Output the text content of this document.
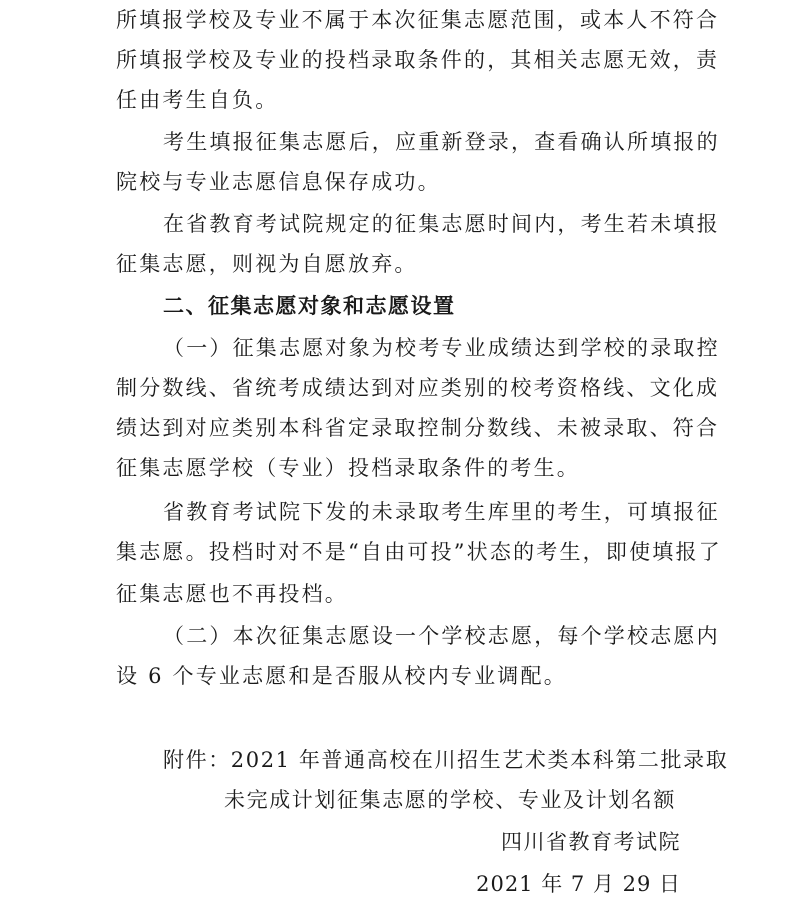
所填报学校及专业不属于本次征集志愿范围，或本人不符合
所填报学校及专业的投档录取条件的，其相关志愿无效，责
任由考生自负。
考生填报征集志愿后，应重新登录，查看确认所填报的
院校与专业志愿信息保存成功。
在省教育考试院规定的征集志愿时间内，考生若未填报
征集志愿，则视为自愿放弃。
二、征集志愿对象和志愿设置
（一）征集志愿对象为校考专业成绩达到学校的录取控
制分数线、省统考成绩达到对应类别的校考资格线、文化成
绩达到对应类别本科省定录取控制分数线、未被录取、符合
征集志愿学校（专业）投档录取条件的考生。
省教育考试院下发的未录取考生库里的考生，可填报征
集志愿。投档时对不是“自由可投”状态的考生，即使填报了
征集志愿也不再投档。
（二）本次征集志愿设一个学校志愿，每个学校志愿内
设 6 个专业志愿和是否服从校内专业调配。
附件：2021 年普通高校在川招生艺术类本科第二批录取
未完成计划征集志愿的学校、专业及计划名额
四川省教育考试院
2021 年 7 月 29 日
